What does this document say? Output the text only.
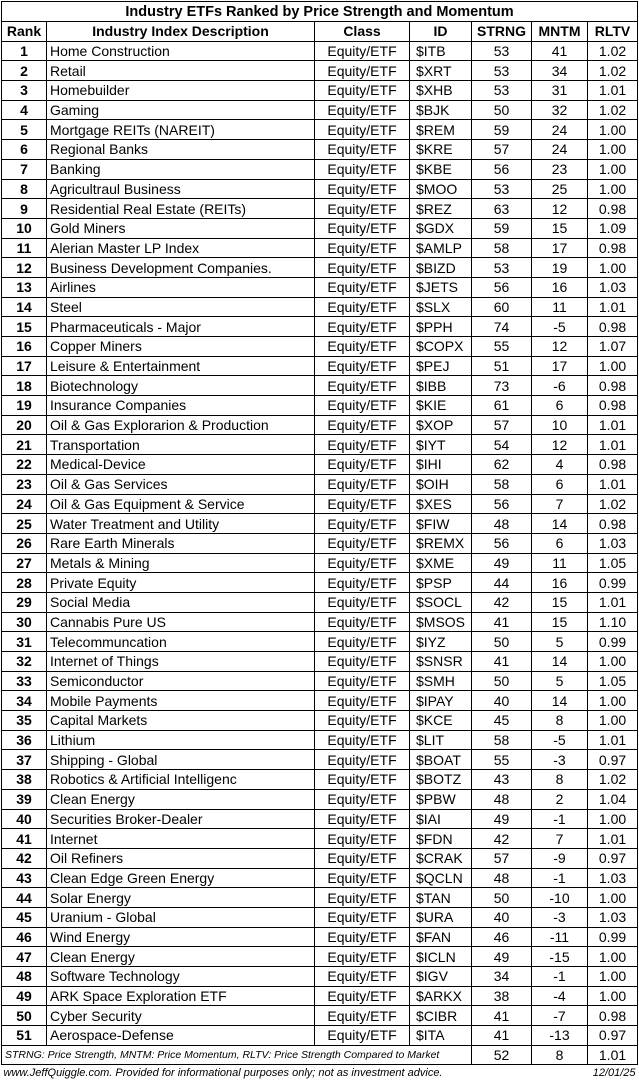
Industry ETFs Ranked by Price Strength and Momentum						
Rank	Industry Index Description	Class	ID	STRNG	MNTM	RLTV
1	Home Construction	Equity/ETF	$ITB	53	41	1.02
2	Retail	Equity/ETF	$XRT	53	34	1.02
3	Homebuilder	Equity/ETF	$XHB	53	31	1.01
4	Gaming	Equity/ETF	$BJK	50	32	1.02
5	Mortgage REITs (NAREIT)	Equity/ETF	$REM	59	24	1.00
6	Regional Banks	Equity/ETF	$KRE	57	24	1.00
7	Banking	Equity/ETF	$KBE	56	23	1.00
8	Agricultraul Business	Equity/ETF	$MOO	53	25	1.00
9	Residential Real Estate (REITs)	Equity/ETF	$REZ	63	12	0.98
10	Gold Miners	Equity/ETF	$GDX	59	15	1.09
11	Alerian Master LP Index	Equity/ETF	$AMLP	58	17	0.98
12	Business Development Companies.	Equity/ETF	$BIZD	53	19	1.00
13	Airlines	Equity/ETF	$JETS	56	16	1.03
14	Steel	Equity/ETF	$SLX	60	11	1.01
15	Pharmaceuticals - Major	Equity/ETF	$PPH	74	-5	0.98
16	Copper Miners	Equity/ETF	$COPX	55	12	1.07
17	Leisure & Entertainment	Equity/ETF	$PEJ	51	17	1.00
18	Biotechnology	Equity/ETF	$IBB	73	-6	0.98
19	Insurance Companies	Equity/ETF	$KIE	61	6	0.98
20	Oil & Gas Explorarion & Production	Equity/ETF	$XOP	57	10	1.01
21	Transportation	Equity/ETF	$IYT	54	12	1.01
22	Medical-Device	Equity/ETF	$IHI	62	4	0.98
23	Oil & Gas Services	Equity/ETF	$OIH	58	6	1.01
24	Oil & Gas Equipment & Service	Equity/ETF	$XES	56	7	1.02
25	Water Treatment and Utility	Equity/ETF	$FIW	48	14	0.98
26	Rare Earth Minerals	Equity/ETF	$REMX	56	6	1.03
27	Metals & Mining	Equity/ETF	$XME	49	11	1.05
28	Private Equity	Equity/ETF	$PSP	44	16	0.99
29	Social Media	Equity/ETF	$SOCL	42	15	1.01
30	Cannabis Pure US	Equity/ETF	$MSOS	41	15	1.10
31	Telecommuncation	Equity/ETF	$IYZ	50	5	0.99
32	Internet of Things	Equity/ETF	$SNSR	41	14	1.00
33	Semiconductor	Equity/ETF	$SMH	50	5	1.05
34	Mobile Payments	Equity/ETF	$IPAY	40	14	1.00
35	Capital Markets	Equity/ETF	$KCE	45	8	1.00
36	Lithium	Equity/ETF	$LIT	58	-5	1.01
37	Shipping - Global	Equity/ETF	$BOAT	55	-3	0.97
38	Robotics & Artificial Intelligenc	Equity/ETF	$BOTZ	43	8	1.02
39	Clean Energy	Equity/ETF	$PBW	48	2	1.04
40	Securities Broker-Dealer	Equity/ETF	$IAI	49	-1	1.00
41	Internet	Equity/ETF	$FDN	42	7	1.01
42	Oil Refiners	Equity/ETF	$CRAK	57	-9	0.97
43	Clean Edge Green Energy	Equity/ETF	$QCLN	48	-1	1.03
44	Solar Energy	Equity/ETF	$TAN	50	-10	1.00
45	Uranium - Global	Equity/ETF	$URA	40	-3	1.03
46	Wind Energy	Equity/ETF	$FAN	46	-11	0.99
47	Clean Energy	Equity/ETF	$ICLN	49	-15	1.00
48	Software Technology	Equity/ETF	$IGV	34	-1	1.00
49	ARK Space Exploration ETF	Equity/ETF	$ARKX	38	-4	1.00
50	Cyber Security	Equity/ETF	$CIBR	41	-7	0.98
51	Aerospace-Defense	Equity/ETF	$ITA	41	-13	0.97
STRNG: Price Strength, MNTM: Price Momentum, RLTV: Price Strength Compared to Market				52	8	1.01
www.JeffQuiggle.com. Provided for informational purposes only; not as investment advice.					12/01/25	
